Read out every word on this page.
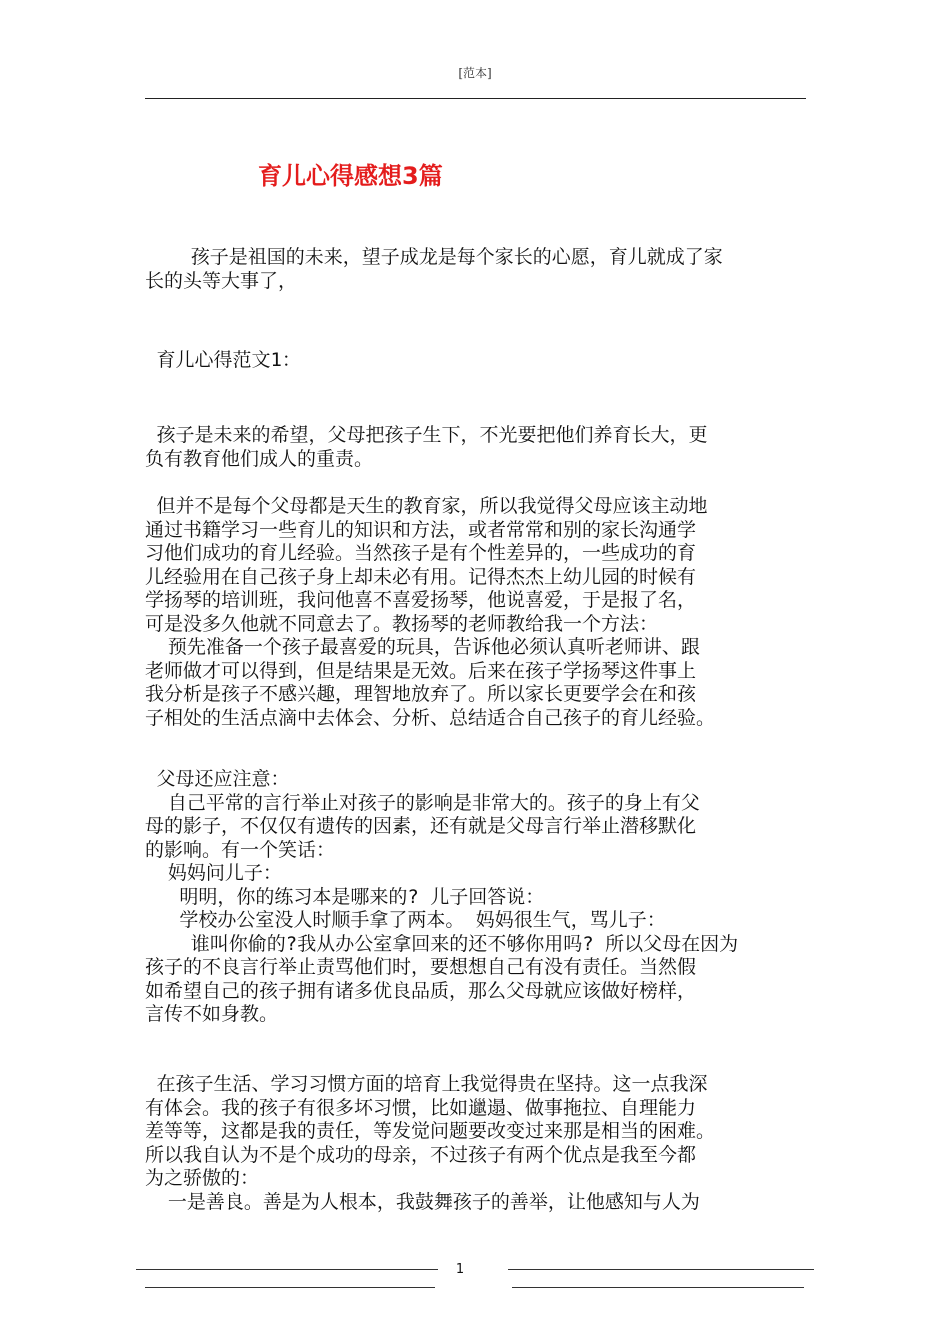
[范本]
育儿心得感想3篇
孩子是祖国的未来，望子成龙是每个家长的心愿，育儿就成了家
长的头等大事了，
育儿心得范文1：
孩子是未来的希望，父母把孩子生下，不光要把他们养育长大，更
负有教育他们成人的重责。
但并不是每个父母都是天生的教育家，所以我觉得父母应该主动地
通过书籍学习一些育儿的知识和方法，或者常常和别的家长沟通学
习他们成功的育儿经验。当然孩子是有个性差异的，一些成功的育
儿经验用在自己孩子身上却未必有用。记得杰杰上幼儿园的时候有
学扬琴的培训班，我问他喜不喜爱扬琴，他说喜爱，于是报了名，
可是没多久他就不同意去了。教扬琴的老师教给我一个方法：
预先准备一个孩子最喜爱的玩具，告诉他必须认真听老师讲、跟
老师做才可以得到，但是结果是无效。后来在孩子学扬琴这件事上
我分析是孩子不感兴趣，理智地放弃了。所以家长更要学会在和孩
子相处的生活点滴中去体会、分析、总结适合自己孩子的育儿经验。
父母还应注意：
自己平常的言行举止对孩子的影响是非常大的。孩子的身上有父
母的影子，不仅仅有遗传的因素，还有就是父母言行举止潜移默化
的影响。有一个笑话：
妈妈问儿子：
明明，你的练习本是哪来的? 儿子回答说：
学校办公室没人时顺手拿了两本。 妈妈很生气，骂儿子：
谁叫你偷的?我从办公室拿回来的还不够你用吗? 所以父母在因为
孩子的不良言行举止责骂他们时，要想想自己有没有责任。当然假
如希望自己的孩子拥有诸多优良品质，那么父母就应该做好榜样，
言传不如身教。
在孩子生活、学习习惯方面的培育上我觉得贵在坚持。这一点我深
有体会。我的孩子有很多坏习惯，比如邋遢、做事拖拉、自理能力
差等等，这都是我的责任，等发觉问题要改变过来那是相当的困难。
所以我自认为不是个成功的母亲，不过孩子有两个优点是我至今都
为之骄傲的：
一是善良。善是为人根本，我鼓舞孩子的善举，让他感知与人为
1
